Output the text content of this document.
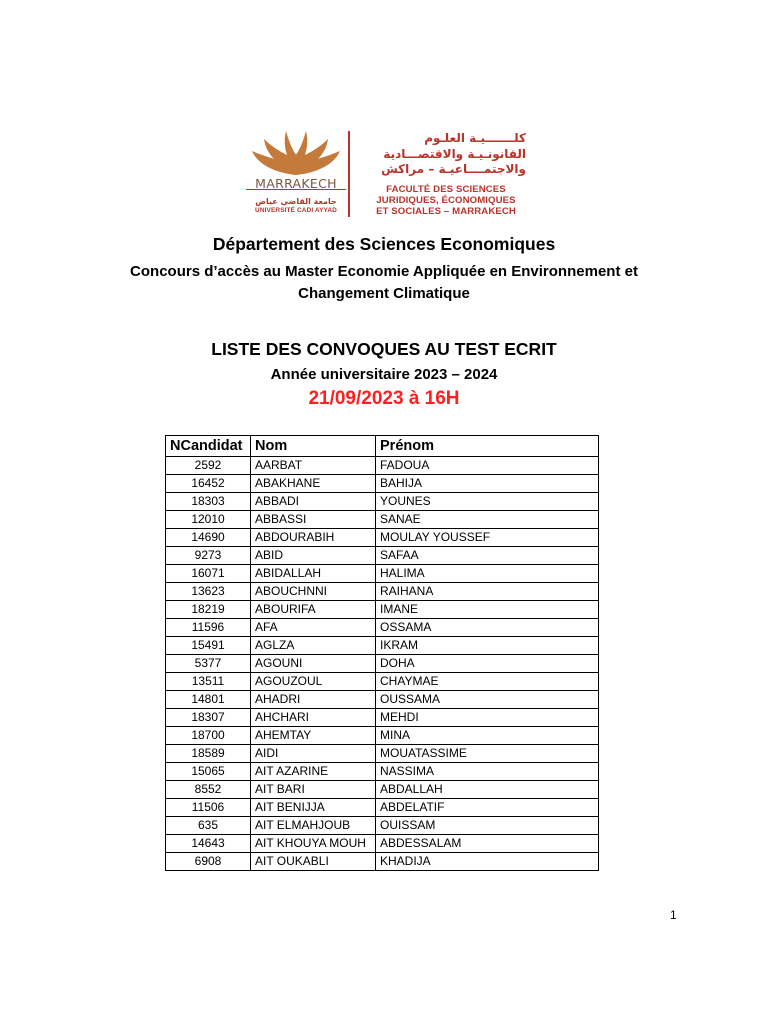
MARRAKECH
جامعة القاضي عياض
UNIVERSITÉ CADI AYYAD
كلـــــــيـة العلـوم
القانونـيـة والاقتصـــادية
والاجتمــــاعيـة – مراكش
FACULTÉ DES SCIENCES
JURIDIQUES, ÉCONOMIQUES
ET SOCIALES – MARRAKECH
Département des Sciences Economiques
Concours d’accès au Master Economie Appliquée en Environnement et Changement Climatique
LISTE DES CONVOQUES AU TEST ECRIT
Année universitaire 2023 – 2024
21/09/2023 à 16H
NCandidat	Nom	Prénom
2592	AARBAT	FADOUA
16452	ABAKHANE	BAHIJA
18303	ABBADI	YOUNES
12010	ABBASSI	SANAE
14690	ABDOURABIH	MOULAY YOUSSEF
9273	ABID	SAFAA
16071	ABIDALLAH	HALIMA
13623	ABOUCHNNI	RAIHANA
18219	ABOURIFA	IMANE
11596	AFA	OSSAMA
15491	AGLZA	IKRAM
5377	AGOUNI	DOHA
13511	AGOUZOUL	CHAYMAE
14801	AHADRI	OUSSAMA
18307	AHCHARI	MEHDI
18700	AHEMTAY	MINA
18589	AIDI	MOUATASSIME
15065	AIT AZARINE	NASSIMA
8552	AIT BARI	ABDALLAH
11506	AIT BENIJJA	ABDELATIF
635	AIT ELMAHJOUB	OUISSAM
14643	AIT KHOUYA MOUH	ABDESSALAM
6908	AIT OUKABLI	KHADIJA
1
